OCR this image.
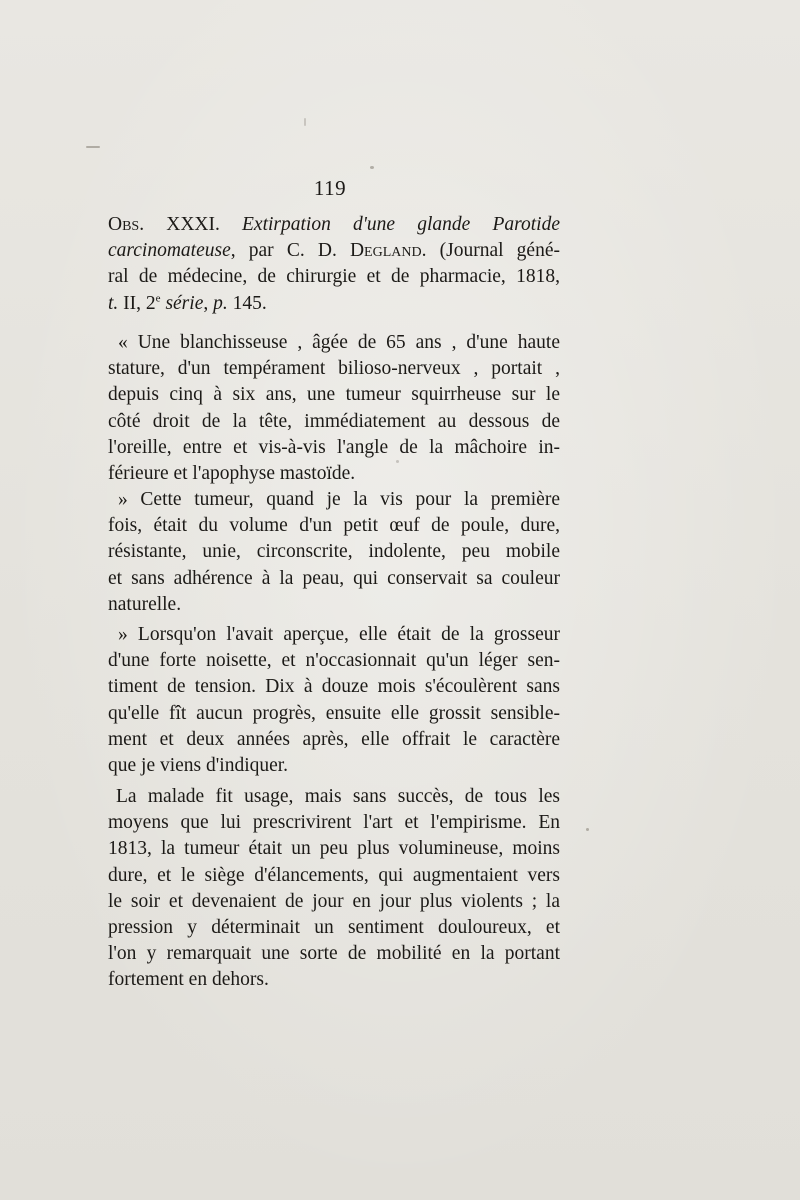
119
Obs. XXXI. Extirpation d'une glande Parotide
carcinomateuse, par C. D. Degland. (Journal géné-
ral de médecine, de chirurgie et de pharmacie, 1818,
t. II, 2e série, p. 145.
« Une blanchisseuse , âgée de 65 ans , d'une haute
stature, d'un tempérament bilioso-nerveux , portait ,
depuis cinq à six ans, une tumeur squirrheuse sur le
côté droit de la tête, immédiatement au dessous de
l'oreille, entre et vis-à-vis l'angle de la mâchoire in-
férieure et l'apophyse mastoïde.
» Cette tumeur, quand je la vis pour la première
fois, était du volume d'un petit œuf de poule, dure,
résistante, unie, circonscrite, indolente, peu mobile
et sans adhérence à la peau, qui conservait sa couleur
naturelle.
» Lorsqu'on l'avait aperçue, elle était de la grosseur
d'une forte noisette, et n'occasionnait qu'un léger sen-
timent de tension. Dix à douze mois s'écoulèrent sans
qu'elle fît aucun progrès, ensuite elle grossit sensible-
ment et deux années après, elle offrait le caractère
que je viens d'indiquer.
La malade fit usage, mais sans succès, de tous les
moyens que lui prescrivirent l'art et l'empirisme. En
1813, la tumeur était un peu plus volumineuse, moins
dure, et le siège d'élancements, qui augmentaient vers
le soir et devenaient de jour en jour plus violents ; la
pression y déterminait un sentiment douloureux, et
l'on y remarquait une sorte de mobilité en la portant
fortement en dehors.
